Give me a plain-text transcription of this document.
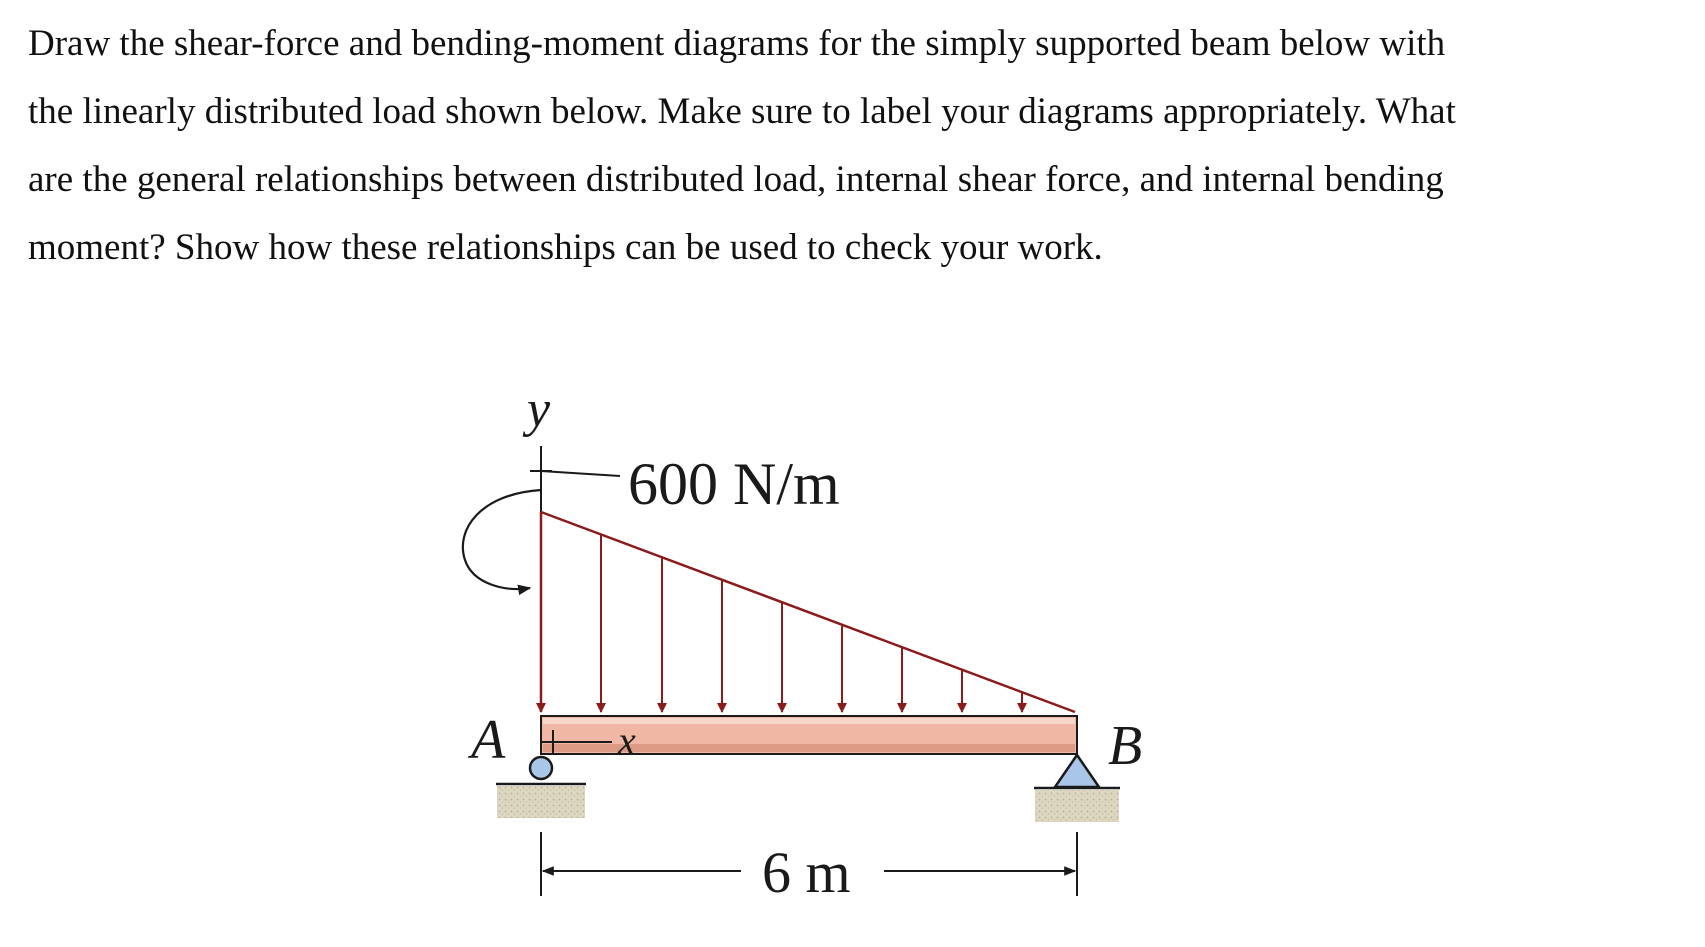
Draw the shear-force and bending-moment diagrams for the simply supported beam below with
the linearly distributed load shown below. Make sure to label your diagrams appropriately. What
are the general relationships between distributed load, internal shear force, and internal bending
moment? Show how these relationships can be used to check your work.
y
600 N/m
x
A	B
6 m
